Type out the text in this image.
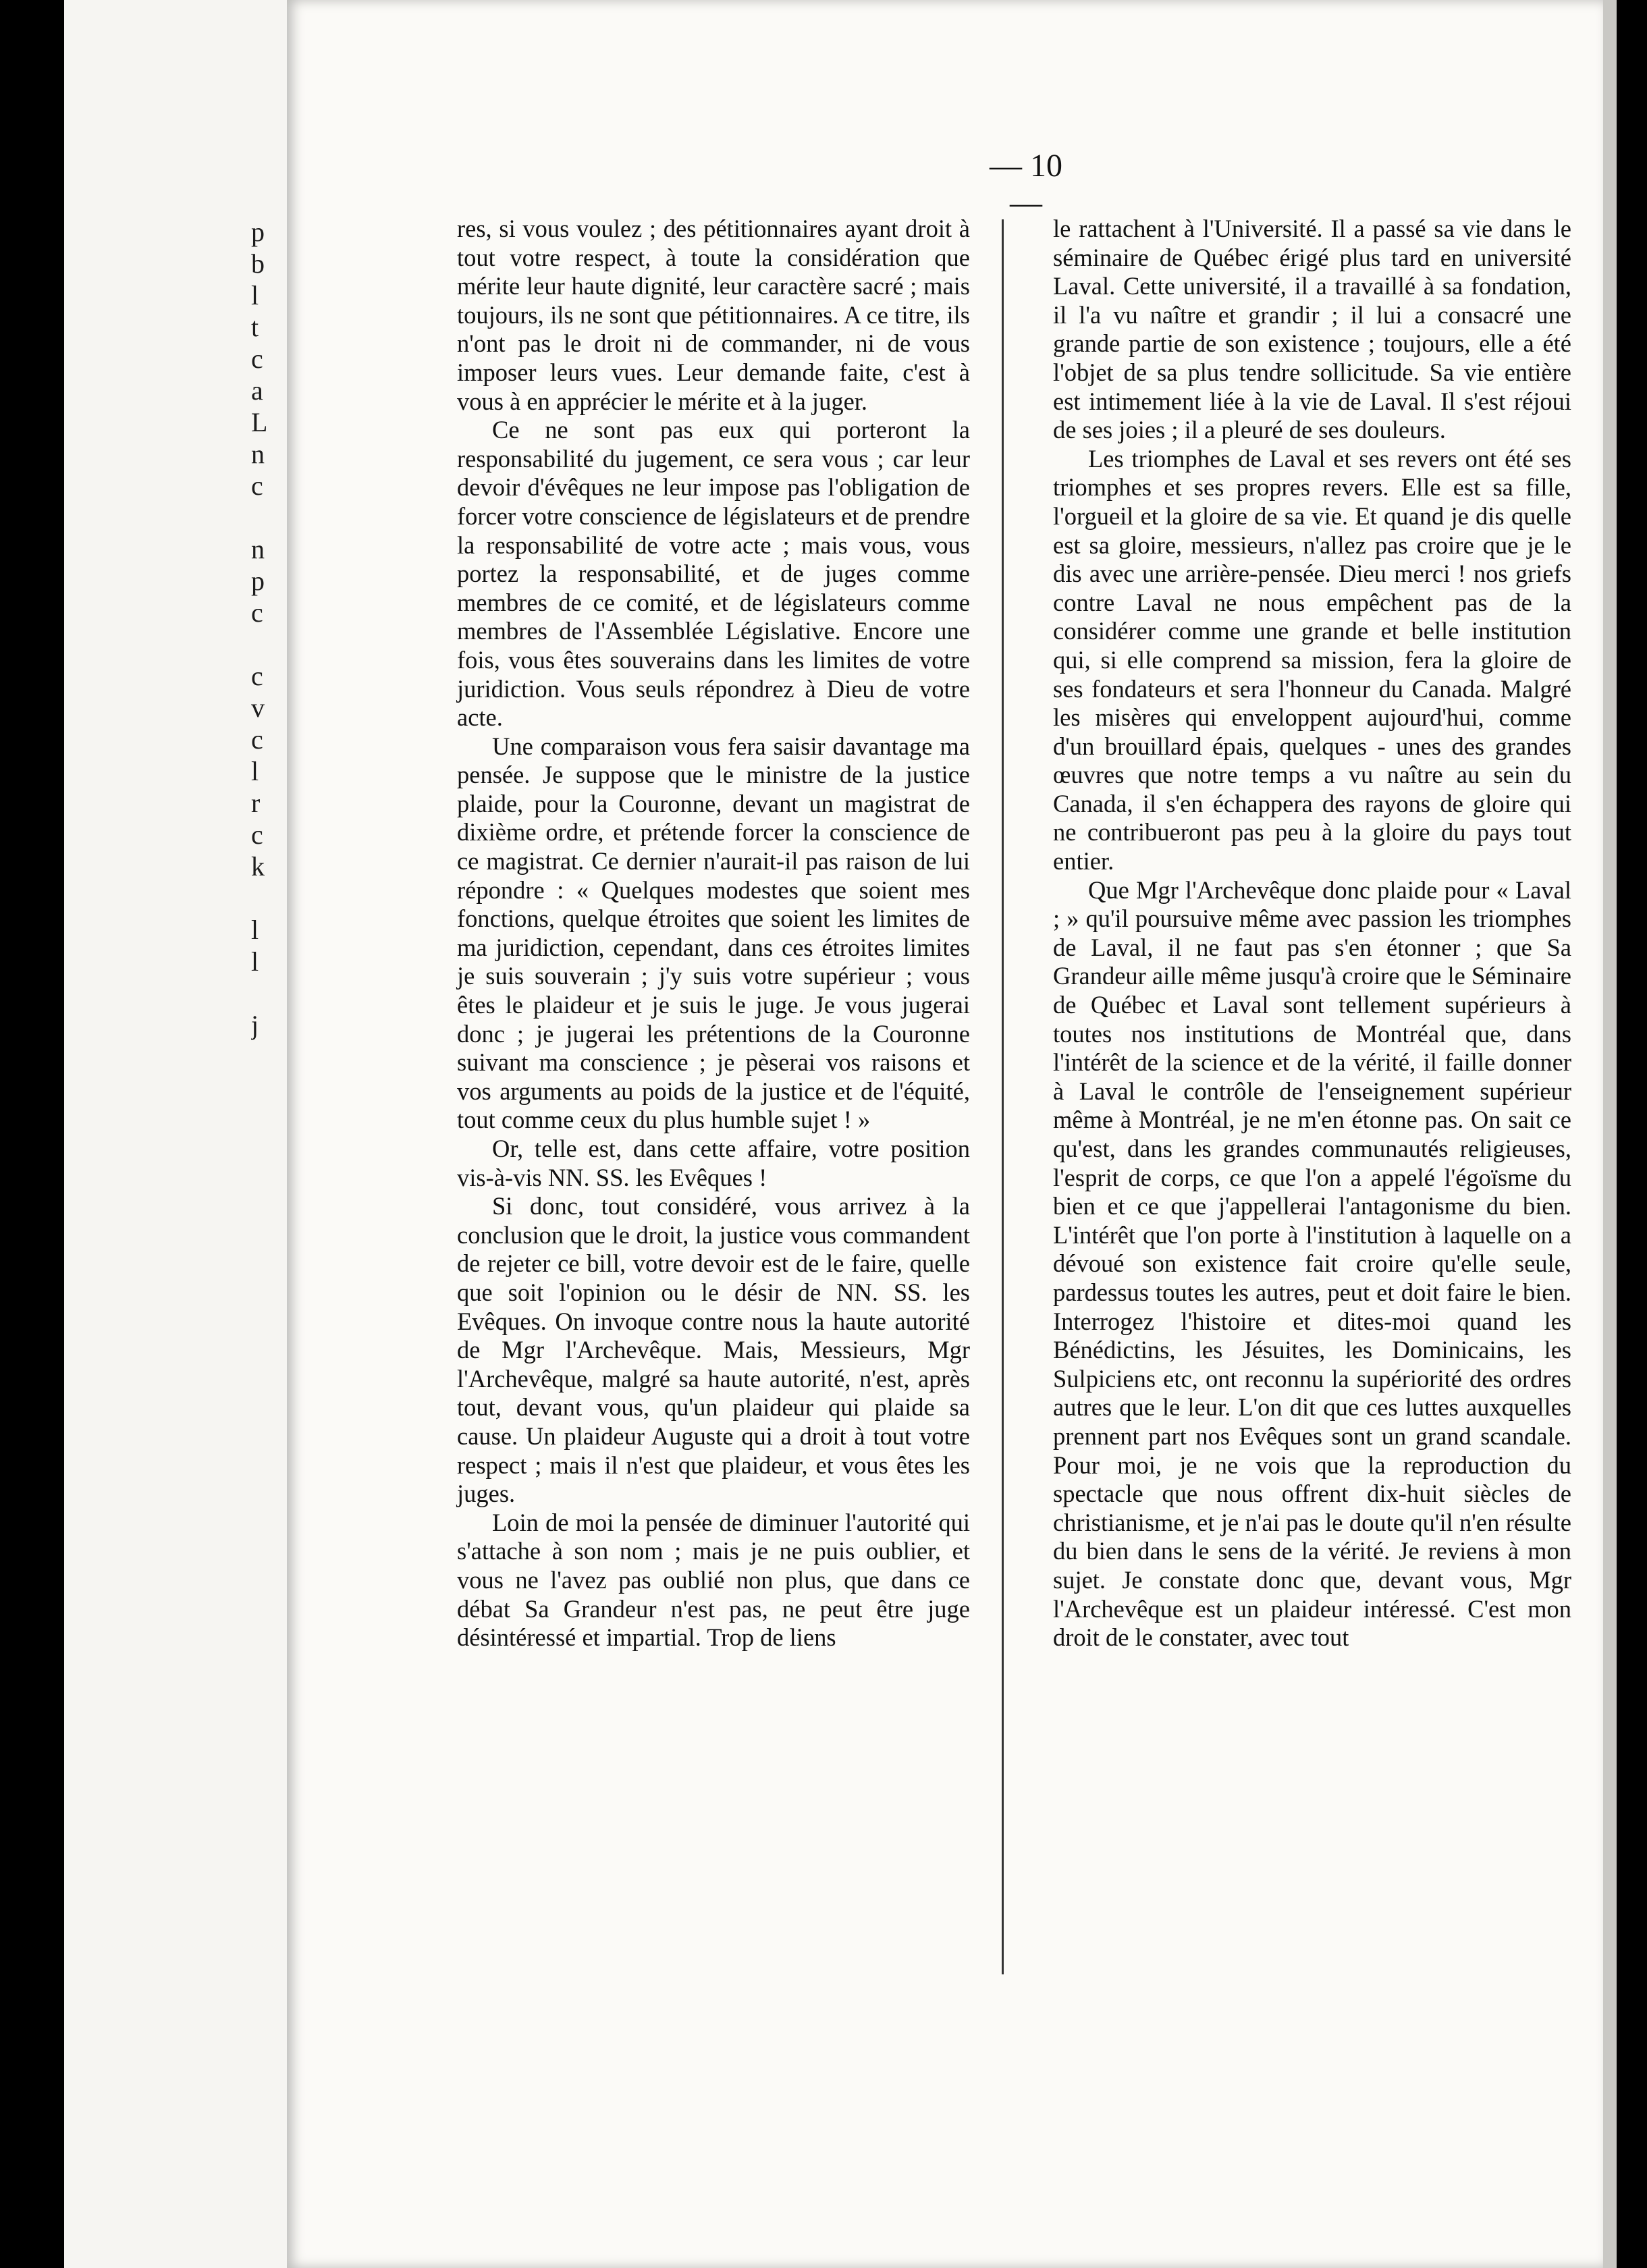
p
b
l
t
c
a
L
n
c
n
p
c
c
v
c
l
r
c
k
l
l
j
— 10 —

res, si vous voulez ; des pétitionnaires ayant droit à tout votre respect, à toute la considération que mérite leur haute dignité, leur caractère sacré ; mais toujours, ils ne sont que pétitionnaires. A ce titre, ils n'ont pas le droit ni de commander, ni de vous imposer leurs vues. Leur demande faite, c'est à vous à en apprécier le mérite et à la juger.

Ce ne sont pas eux qui porteront la responsabilité du jugement, ce sera vous ; car leur devoir d'évêques ne leur impose pas l'obligation de forcer votre conscience de législateurs et de prendre la responsabilité de votre acte ; mais vous, vous portez la responsabilité, et de juges comme membres de ce comité, et de législateurs comme membres de l'Assemblée Législative. Encore une fois, vous êtes souverains dans les limites de votre juridiction. Vous seuls répondrez à Dieu de votre acte.

Une comparaison vous fera saisir davantage ma pensée. Je suppose que le ministre de la justice plaide, pour la Couronne, devant un magistrat de dixième ordre, et prétende forcer la conscience de ce magistrat. Ce dernier n'aurait-il pas raison de lui répondre : « Quelques modestes que soient mes fonctions, quelque étroites que soient les limites de ma juridiction, cependant, dans ces étroites limites je suis souverain ; j'y suis votre supérieur ; vous êtes le plaideur et je suis le juge. Je vous jugerai donc ; je jugerai les prétentions de la Couronne suivant ma conscience ; je pèserai vos raisons et vos arguments au poids de la justice et de l'équité, tout comme ceux du plus humble sujet ! »

Or, telle est, dans cette affaire, votre position vis-à-vis NN. SS. les Evêques !

Si donc, tout considéré, vous arrivez à la conclusion que le droit, la justice vous commandent de rejeter ce bill, votre devoir est de le faire, quelle que soit l'opinion ou le désir de NN. SS. les Evêques. On invoque contre nous la haute autorité de Mgr l'Archevêque. Mais, Messieurs, Mgr l'Archevêque, malgré sa haute autorité, n'est, après tout, devant vous, qu'un plaideur qui plaide sa cause. Un plaideur Auguste qui a droit à tout votre respect ; mais il n'est que plaideur, et vous êtes les juges.

Loin de moi la pensée de diminuer l'autorité qui s'attache à son nom ; mais je ne puis oublier, et vous ne l'avez pas oublié non plus, que dans ce débat Sa Grandeur n'est pas, ne peut être juge désintéressé et impartial. Trop de liens

le rattachent à l'Université. Il a passé sa vie dans le séminaire de Québec érigé plus tard en université Laval. Cette université, il a travaillé à sa fondation, il l'a vu naître et grandir ; il lui a consacré une grande partie de son existence ; toujours, elle a été l'objet de sa plus tendre sollicitude. Sa vie entière est intimement liée à la vie de Laval. Il s'est réjoui de ses joies ; il a pleuré de ses douleurs.

Les triomphes de Laval et ses revers ont été ses triomphes et ses propres revers. Elle est sa fille, l'orgueil et la gloire de sa vie. Et quand je dis quelle est sa gloire, messieurs, n'allez pas croire que je le dis avec une arrière-pensée. Dieu merci ! nos griefs contre Laval ne nous empêchent pas de la considérer comme une grande et belle institution qui, si elle comprend sa mission, fera la gloire de ses fondateurs et sera l'honneur du Canada. Malgré les misères qui enveloppent aujourd'hui, comme d'un brouillard épais, quelques - unes des grandes œuvres que notre temps a vu naître au sein du Canada, il s'en échappera des rayons de gloire qui ne contribueront pas peu à la gloire du pays tout entier.

Que Mgr l'Archevêque donc plaide pour « Laval ; » qu'il poursuive même avec passion les triomphes de Laval, il ne faut pas s'en étonner ; que Sa Grandeur aille même jusqu'à croire que le Séminaire de Québec et Laval sont tellement supérieurs à toutes nos institutions de Montréal que, dans l'intérêt de la science et de la vérité, il faille donner à Laval le contrôle de l'enseignement supérieur même à Montréal, je ne m'en étonne pas. On sait ce qu'est, dans les grandes communautés religieuses, l'esprit de corps, ce que l'on a appelé l'égoïsme du bien et ce que j'appellerai l'antagonisme du bien. L'intérêt que l'on porte à l'institution à laquelle on a dévoué son existence fait croire qu'elle seule, pardessus toutes les autres, peut et doit faire le bien. Interrogez l'histoire et dites-moi quand les Bénédictins, les Jésuites, les Dominicains, les Sulpiciens etc, ont reconnu la supériorité des ordres autres que le leur. L'on dit que ces luttes auxquelles prennent part nos Evêques sont un grand scandale. Pour moi, je ne vois que la reproduction du spectacle que nous offrent dix-huit siècles de christianisme, et je n'ai pas le doute qu'il n'en résulte du bien dans le sens de la vérité. Je reviens à mon sujet. Je constate donc que, devant vous, Mgr l'Archevêque est un plaideur intéressé. C'est mon droit de le constater, avec tout
